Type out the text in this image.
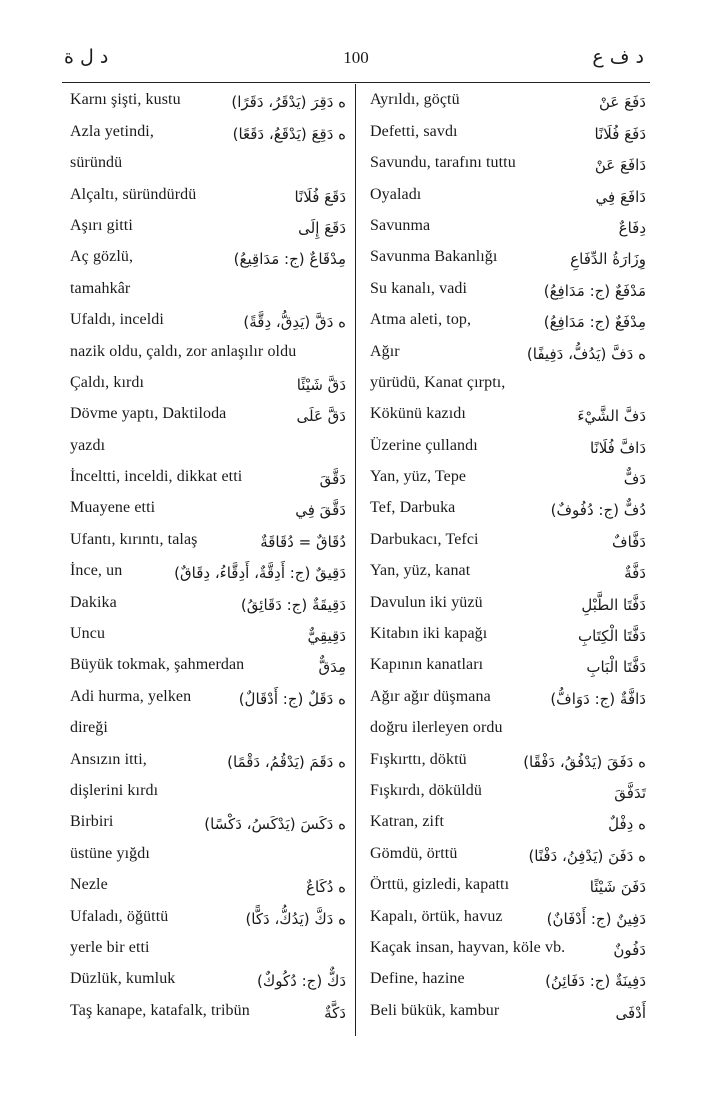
د ل ة	100	د ف ع
Karnı şişti, kustu	ﻩ دَقِرَ (يَدْقَرُ، دَقَرًا)
Azla yetindi,	ﻩ دَقِعَ (يَدْقَعُ، دَقَعًا)
süründü
Alçaltı, süründürdü	دَقَعَ فُلَانًا
Aşırı gitti	دَقَعَ إِلَى
Aç gözlü,	مِدْقَاعٌ (ج: مَدَاقِيعُ)
tamahkâr
Ufaldı, inceldi	ﻩ دَقَّ (يَدِقُّ، دِقَّةً)
nazik oldu, çaldı, zor anlaşılır oldu
Çaldı, kırdı	دَقَّ شَيْئًا
Dövme yaptı, Daktiloda	دَقَّ عَلَى
yazdı
İnceltti, inceldi, dikkat etti	دَقَّقَ
Muayene etti	دَقَّقَ فِي
Ufantı, kırıntı, talaş	دُقَاقٌ = دُقَاقَةٌ
İnce, un	دَقِيقٌ (ج: أَدِقَّةٌ، أَدِقَّاءُ، دِقَاقٌ)
Dakika	دَقِيقَةٌ (ج: دَقَائِقُ)
Uncu	دَقِيقِيٌّ
Büyük tokmak, şahmerdan	مِدَقٌّ
Adi hurma, yelken	ﻩ دَقَلٌ (ج: أَدْقَالٌ)
direği
Ansızın itti,	ﻩ دَقَمَ (يَدْقُمُ، دَقْمًا)
dişlerini kırdı
Birbiri	ﻩ دَكَسَ (يَدْكَسُ، دَكْسًا)
üstüne yığdı
Nezle	ﻩ دُكَاعٌ
Ufaladı, öğüttü	ﻩ دَكَّ (يَدُكُّ، دَكًّا)
yerle bir etti
Düzlük, kumluk	دَكٌّ (ج: دُكُوكٌ)
Taş kanape, katafalk, tribün	دَكَّةٌ
Ayrıldı, göçtü	دَفَعَ عَنْ
Defetti, savdı	دَفَعَ فُلَانًا
Savundu, tarafını tuttu	دَافَعَ عَنْ
Oyaladı	دَافَعَ فِي
Savunma	دِفَاعٌ
Savunma Bakanlığı	وِزَارَةُ الدِّفَاعِ
Su kanalı, vadi	مَدْفَعٌ (ج: مَدَافِعُ)
Atma aleti, top,	مِدْفَعٌ (ج: مَدَافِعُ)
Ağır	ﻩ دَفَّ (يَدُفُّ، دَفِيفًا)
yürüdü, Kanat çırptı,
Kökünü kazıdı	دَفَّ الشَّيْءَ
Üzerine çullandı	دَافَّ فُلَانًا
Yan, yüz, Tepe	دَفٌّ
Tef, Darbuka	دُفٌّ (ج: دُفُوفٌ)
Darbukacı, Tefci	دَفَّافٌ
Yan, yüz, kanat	دَفَّةٌ
Davulun iki yüzü	دَفَّتَا الطَّبْلِ
Kitabın iki kapağı	دَفَّتَا الْكِتَابِ
Kapının kanatları	دَفَّتَا الْبَابِ
Ağır ağır düşmana	دَافَّةٌ (ج: دَوَافُّ)
doğru ilerleyen ordu
Fışkırttı, döktü	ﻩ دَفَقَ (يَدْفُقُ، دَفْقًا)
Fışkırdı, döküldü	تَدَفَّقَ
Katran, zift	ﻩ دِفْلٌ
Gömdü, örttü	ﻩ دَفَنَ (يَدْفِنُ، دَفْنًا)
Örttü, gizledi, kapattı	دَفَنَ شَيْئًا
Kapalı, örtük, havuz	دَفِينٌ (ج: أَدْفَانٌ)
Kaçak insan, hayvan, köle vb.	دَفُونٌ
Define, hazine	دَفِينَةٌ (ج: دَفَائِنُ)
Beli bükük, kambur	أَدْفَى
